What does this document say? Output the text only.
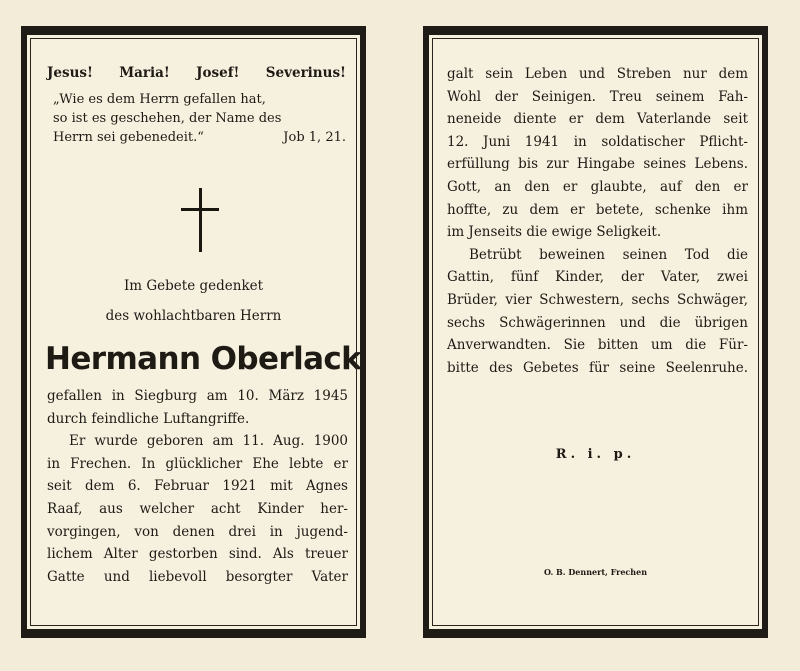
Jesus! Maria! Josef! Severinus!
„Wie es dem Herrn gefallen hat,
so ist es geschehen, der Name des
Herrn sei gebenedeit.“	Job 1, 21.
Im Gebete gedenket
des wohlachtbaren Herrn
Hermann Oberlack
gefallen in Siegburg am 10. März 1945
durch feindliche Luftangriffe.
Er wurde geboren am 11. Aug. 1900
in Frechen. In glücklicher Ehe lebte er
seit dem 6. Februar 1921 mit Agnes
Raaf, aus welcher acht Kinder her-
vorgingen, von denen drei in jugend-
lichem Alter gestorben sind. Als treuer
Gatte und liebevoll besorgter Vater
galt sein Leben und Streben nur dem
Wohl der Seinigen. Treu seinem Fah-
neneide diente er dem Vaterlande seit
12. Juni 1941 in soldatischer Pflicht-
erfüllung bis zur Hingabe seines Lebens.
Gott, an den er glaubte, auf den er
hoffte, zu dem er betete, schenke ihm
im Jenseits die ewige Seligkeit.
Betrübt beweinen seinen Tod die
Gattin, fünf Kinder, der Vater, zwei
Brüder, vier Schwestern, sechs Schwäger,
sechs Schwägerinnen und die übrigen
Anverwandten. Sie bitten um die Für-
bitte des Gebetes für seine Seelenruhe.
R. i. p.
O. B. Dennert, Frechen
